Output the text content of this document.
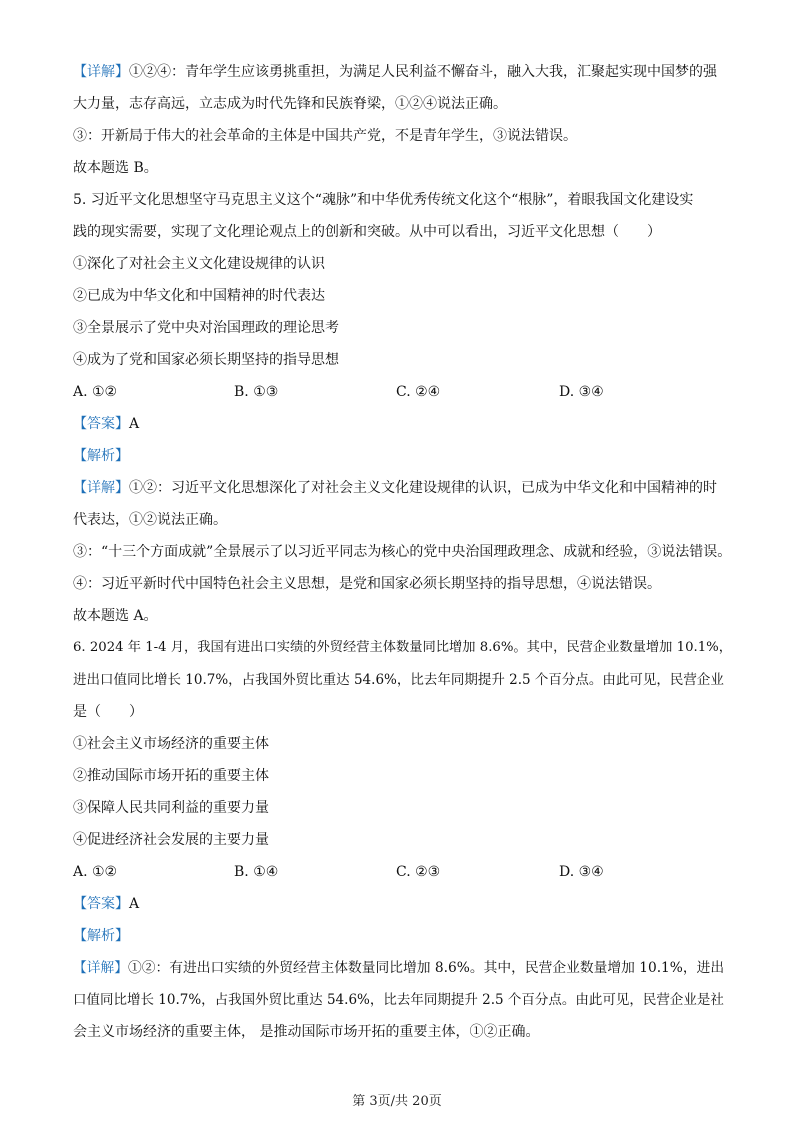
【详解】①②④：青年学生应该勇挑重担，为满足人民利益不懈奋斗，融入大我，汇聚起实现中国梦的强
大力量，志存高远，立志成为时代先锋和民族脊梁，①②④说法正确。
③：开新局于伟大的社会革命的主体是中国共产党，不是青年学生，③说法错误。
故本题选 B。
5. 习近平文化思想坚守马克思主义这个“魂脉”和中华优秀传统文化这个“根脉”，着眼我国文化建设实
践的现实需要，实现了文化理论观点上的创新和突破。从中可以看出，习近平文化思想（　　）
①深化了对社会主义文化建设规律的认识
②已成为中华文化和中国精神的时代表达
③全景展示了党中央对治国理政的理论思考
④成为了党和国家必须长期坚持的指导思想
A. ①②	B. ①③	C. ②④	D. ③④
【答案】A
【解析】
【详解】①②：习近平文化思想深化了对社会主义文化建设规律的认识，已成为中华文化和中国精神的时
代表达，①②说法正确。
③：“十三个方面成就”全景展示了以习近平同志为核心的党中央治国理政理念、成就和经验，③说法错误。
④：习近平新时代中国特色社会主义思想，是党和国家必须长期坚持的指导思想，④说法错误。
故本题选 A。
6. 2024 年 1-4 月，我国有进出口实绩的外贸经营主体数量同比增加 8.6%。其中，民营企业数量增加 10.1%，
进出口值同比增长 10.7%，占我国外贸比重达 54.6%，比去年同期提升 2.5 个百分点。由此可见，民营企业
是（　　）
①社会主义市场经济的重要主体
②推动国际市场开拓的重要主体
③保障人民共同利益的重要力量
④促进经济社会发展的主要力量
A. ①②	B. ①④	C. ②③	D. ③④
【答案】A
【解析】
【详解】①②：有进出口实绩的外贸经营主体数量同比增加 8.6%。其中，民营企业数量增加 10.1%，进出
口值同比增长 10.7%，占我国外贸比重达 54.6%，比去年同期提升 2.5 个百分点。由此可见，民营企业是社
会主义市场经济的重要主体， 是推动国际市场开拓的重要主体，①②正确。
第 3页/共 20页
